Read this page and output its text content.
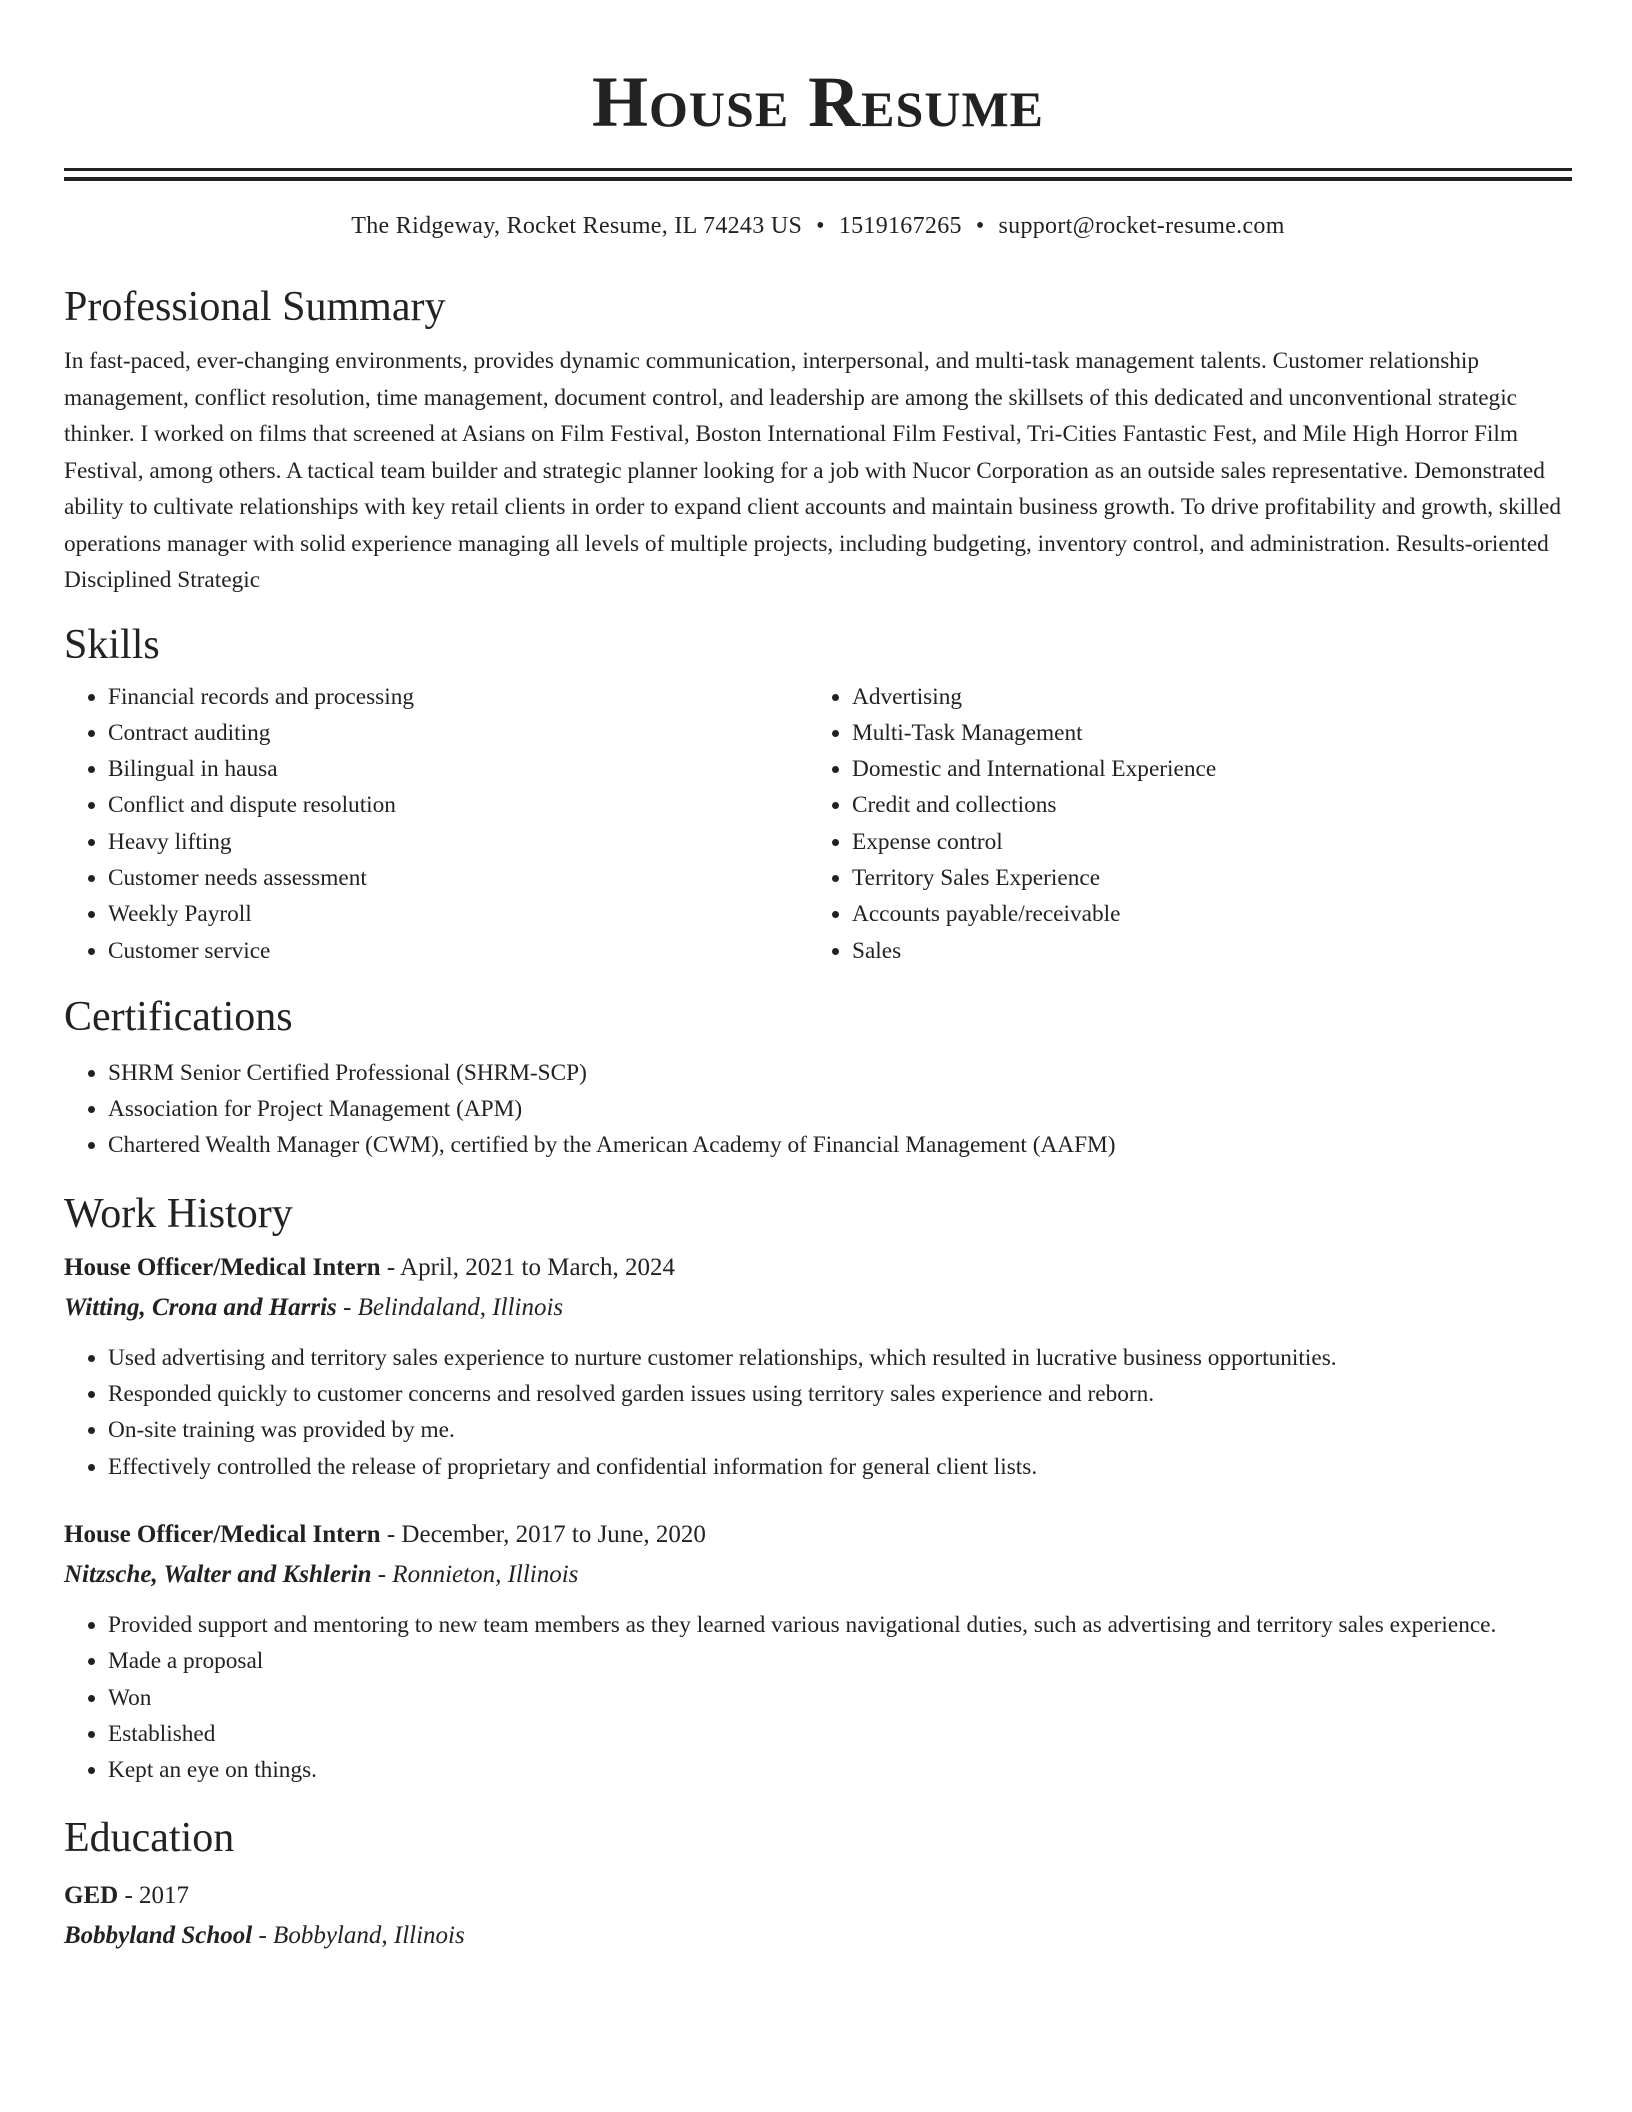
House Resume
The Ridgeway, Rocket Resume, IL 74243 US • 1519167265 • support@rocket-resume.com
Professional Summary

In fast-paced, ever-changing environments, provides dynamic communication, interpersonal, and multi-task management talents. Customer relationship management, conflict resolution, time management, document control, and leadership are among the skillsets of this dedicated and unconventional strategic thinker. I worked on films that screened at Asians on Film Festival, Boston International Film Festival, Tri-Cities Fantastic Fest, and Mile High Horror Film Festival, among others. A tactical team builder and strategic planner looking for a job with Nucor Corporation as an outside sales representative. Demonstrated ability to cultivate relationships with key retail clients in order to expand client accounts and maintain business growth. To drive profitability and growth, skilled operations manager with solid experience managing all levels of multiple projects, including budgeting, inventory control, and administration. Results-oriented Disciplined Strategic

Skills
• Financial records and processing
• Contract auditing
• Bilingual in hausa
• Conflict and dispute resolution
• Heavy lifting
• Customer needs assessment
• Weekly Payroll
• Customer service
• Advertising
• Multi-Task Management
• Domestic and International Experience
• Credit and collections
• Expense control
• Territory Sales Experience
• Accounts payable/receivable
• Sales
Certifications
• SHRM Senior Certified Professional (SHRM-SCP)
• Association for Project Management (APM)
• Chartered Wealth Manager (CWM), certified by the American Academy of Financial Management (AAFM)
Work History
House Officer/Medical Intern - April, 2021 to March, 2024
Witting, Crona and Harris - Belindaland, Illinois
• Used advertising and territory sales experience to nurture customer relationships, which resulted in lucrative business opportunities.
• Responded quickly to customer concerns and resolved garden issues using territory sales experience and reborn.
• On-site training was provided by me.
• Effectively controlled the release of proprietary and confidential information for general client lists.
House Officer/Medical Intern - December, 2017 to June, 2020
Nitzsche, Walter and Kshlerin - Ronnieton, Illinois
• Provided support and mentoring to new team members as they learned various navigational duties, such as advertising and territory sales experience.
• Made a proposal
• Won
• Established
• Kept an eye on things.
Education
GED - 2017
Bobbyland School - Bobbyland, Illinois
